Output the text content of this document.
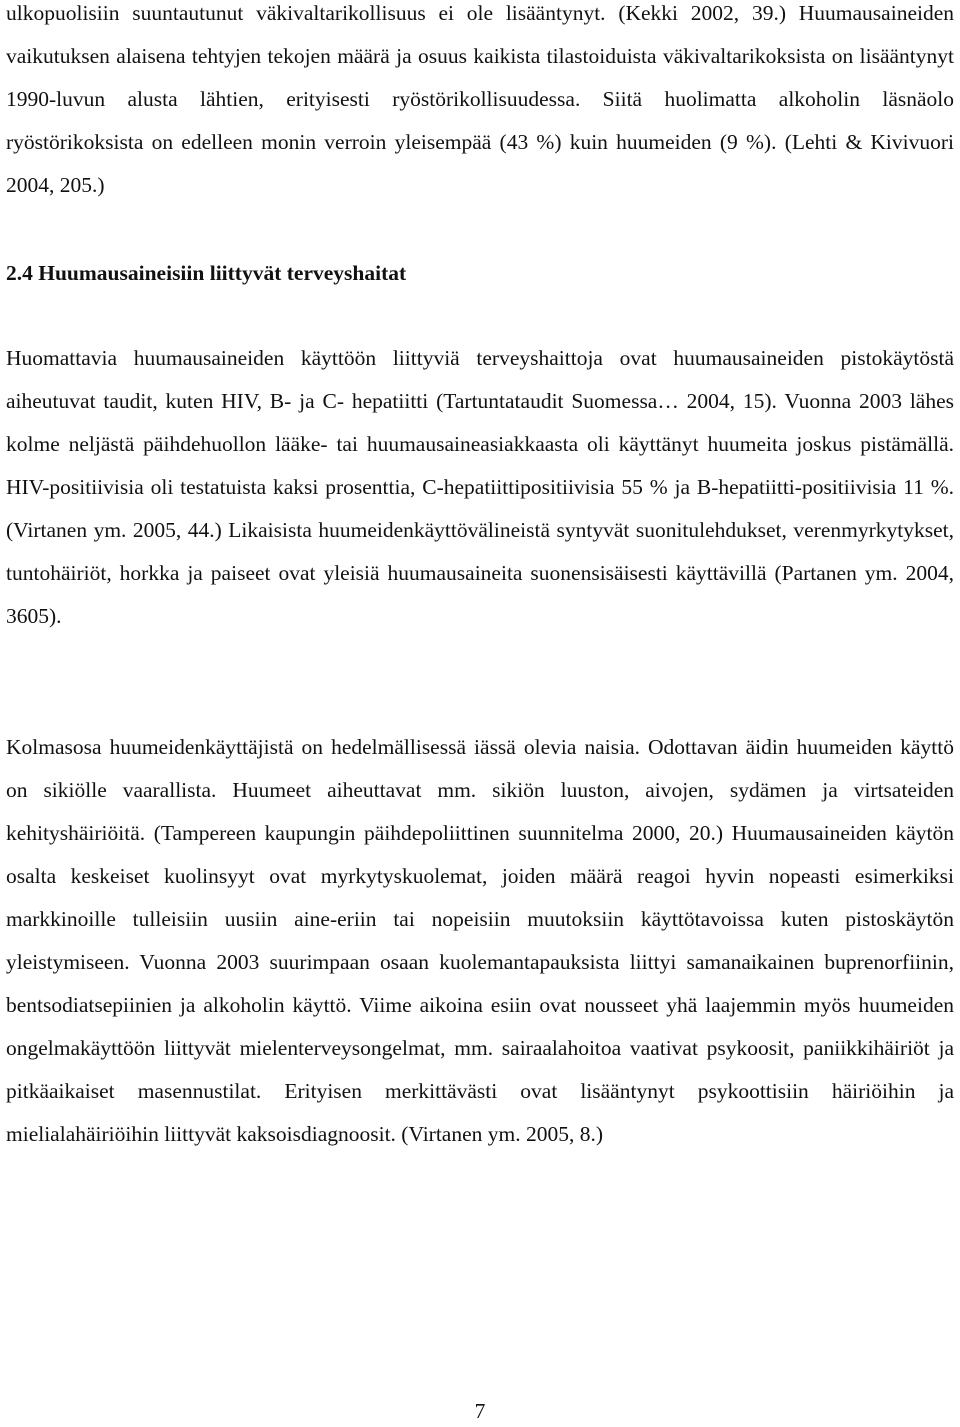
ulkopuolisiin suuntautunut väkivaltarikollisuus ei ole lisääntynyt. (Kekki 2002, 39.) Huumausaineiden vaikutuksen alaisena tehtyjen tekojen määrä ja osuus kaikista tilastoiduista väkivaltarikoksista on lisääntynyt 1990-luvun alusta lähtien, erityisesti ryöstörikollisuudessa. Siitä huolimatta alkoholin läsnäolo ryöstörikoksista on edelleen monin verroin yleisempää (43 %) kuin huumeiden (9 %). (Lehti & Kivivuori 2004, 205.)

2.4 Huumausaineisiin liittyvät terveyshaitat

Huomattavia huumausaineiden käyttöön liittyviä terveyshaittoja ovat huumausaineiden pistokäytöstä aiheutuvat taudit, kuten HIV, B- ja C- hepatiitti (Tartuntataudit Suomessa… 2004, 15). Vuonna 2003 lähes kolme neljästä päihdehuollon lääke- tai huumausaineasiakkaasta oli käyttänyt huumeita joskus pistämällä. HIV-positiivisia oli testatuista kaksi prosenttia, C-hepatiittipositiivisia 55 % ja B-hepatiitti-positiivisia 11 %. (Virtanen ym. 2005, 44.) Likaisista huumeidenkäyttövälineistä syntyvät suonitulehdukset, verenmyrkytykset, tuntohäiriöt, horkka ja paiseet ovat yleisiä huumausaineita suonensisäisesti käyttävillä (Partanen ym. 2004, 3605).

Kolmasosa huumeidenkäyttäjistä on hedelmällisessä iässä olevia naisia. Odottavan äidin huumeiden käyttö on sikiölle vaarallista. Huumeet aiheuttavat mm. sikiön luuston, aivojen, sydämen ja virtsateiden kehityshäiriöitä. (Tampereen kaupungin päihdepoliittinen suunnitelma 2000, 20.) Huumausaineiden käytön osalta keskeiset kuolinsyyt ovat myrkytyskuolemat, joiden määrä reagoi hyvin nopeasti esimerkiksi markkinoille tulleisiin uusiin aine-eriin tai nopeisiin muutoksiin käyttötavoissa kuten pistoskäytön yleistymiseen. Vuonna 2003 suurimpaan osaan kuolemantapauksista liittyi samanaikainen buprenorfiinin, bentsodiatsepiinien ja alkoholin käyttö. Viime aikoina esiin ovat nousseet yhä laajemmin myös huumeiden ongelmakäyttöön liittyvät mielenterveysongelmat, mm. sairaalahoitoa vaativat psykoosit, paniikkihäiriöt ja pitkäaikaiset masennustilat. Erityisen merkittävästi ovat lisääntynyt psykoottisiin häiriöihin ja mielialahäiriöihin liittyvät kaksoisdiagnoosit. (Virtanen ym. 2005, 8.)

7
